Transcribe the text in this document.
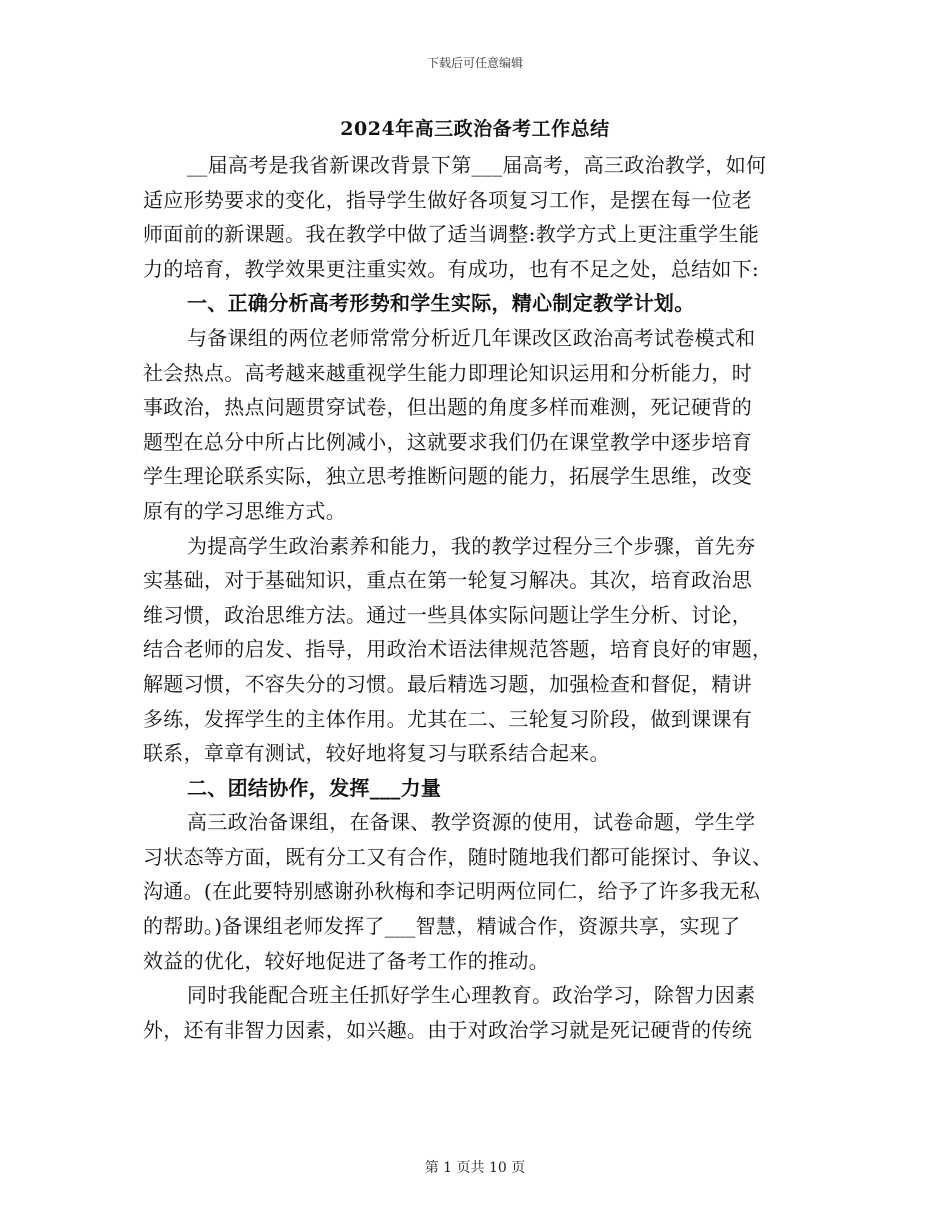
下载后可任意编辑
2024年高三政治备考工作总结
__届高考是我省新课改背景下第___届高考，高三政治教学，如何
适应形势要求的变化，指导学生做好各项复习工作，是摆在每一位老
师面前的新课题。我在教学中做了适当调整:教学方式上更注重学生能
力的培育，教学效果更注重实效。有成功，也有不足之处，总结如下:
一、正确分析高考形势和学生实际，精心制定教学计划。
与备课组的两位老师常常分析近几年课改区政治高考试卷模式和
社会热点。高考越来越重视学生能力即理论知识运用和分析能力，时
事政治，热点问题贯穿试卷，但出题的角度多样而难测，死记硬背的
题型在总分中所占比例减小，这就要求我们仍在课堂教学中逐步培育
学生理论联系实际，独立思考推断问题的能力，拓展学生思维，改变
原有的学习思维方式。
为提高学生政治素养和能力，我的教学过程分三个步骤，首先夯
实基础，对于基础知识，重点在第一轮复习解决。其次，培育政治思
维习惯，政治思维方法。通过一些具体实际问题让学生分析、讨论，
结合老师的启发、指导，用政治术语法律规范答题，培育良好的审题，
解题习惯，不容失分的习惯。最后精选习题，加强检查和督促，精讲
多练，发挥学生的主体作用。尤其在二、三轮复习阶段，做到课课有
联系，章章有测试，较好地将复习与联系结合起来。
二、团结协作，发挥___力量
高三政治备课组，在备课、教学资源的使用，试卷命题，学生学
习状态等方面，既有分工又有合作，随时随地我们都可能探讨、争议、
沟通。(在此要特别感谢孙秋梅和李记明两位同仁，给予了许多我无私
的帮助。)备课组老师发挥了___智慧，精诚合作，资源共享，实现了
效益的优化，较好地促进了备考工作的推动。
同时我能配合班主任抓好学生心理教育。政治学习，除智力因素
外，还有非智力因素，如兴趣。由于对政治学习就是死记硬背的传统
第 1 页共 10 页
